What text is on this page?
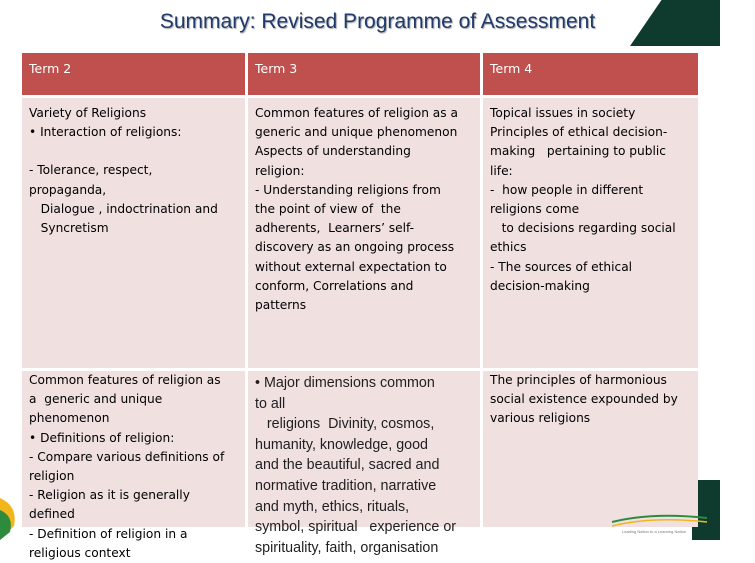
Summary: Revised Programme of Assessment
Term 2	Term 3	Term 4
Variety of Religions
• Interaction of religions:
- Tolerance, respect,
propaganda,
Dialogue , indoctrination and
Syncretism
Common features of religion as a
generic and unique phenomenon
Aspects of understanding
religion:
- Understanding religions from
the point of view of  the
adherents,  Learners’ self-
discovery as an ongoing process
without external expectation to
conform, Correlations and
patterns
Topical issues in society
Principles of ethical decision-
making   pertaining to public
life:
-  how people in different
religions come
to decisions regarding social
ethics
- The sources of ethical
decision-making
Common features of religion as
a  generic and unique
phenomenon
• Definitions of religion:
- Compare various definitions of
religion
- Religion as it is generally
defined
- Definition of religion in a
religious context
• Major dimensions common
to all
religions  Divinity, cosmos,
humanity, knowledge, good
and the beautiful, sacred and
normative tradition, narrative
and myth, ethics, rituals,
symbol, spiritual   experience or
spirituality, faith, organisation
The principles of harmonious
social existence expounded by
various religions
Leading Nation to a Learning Nation
